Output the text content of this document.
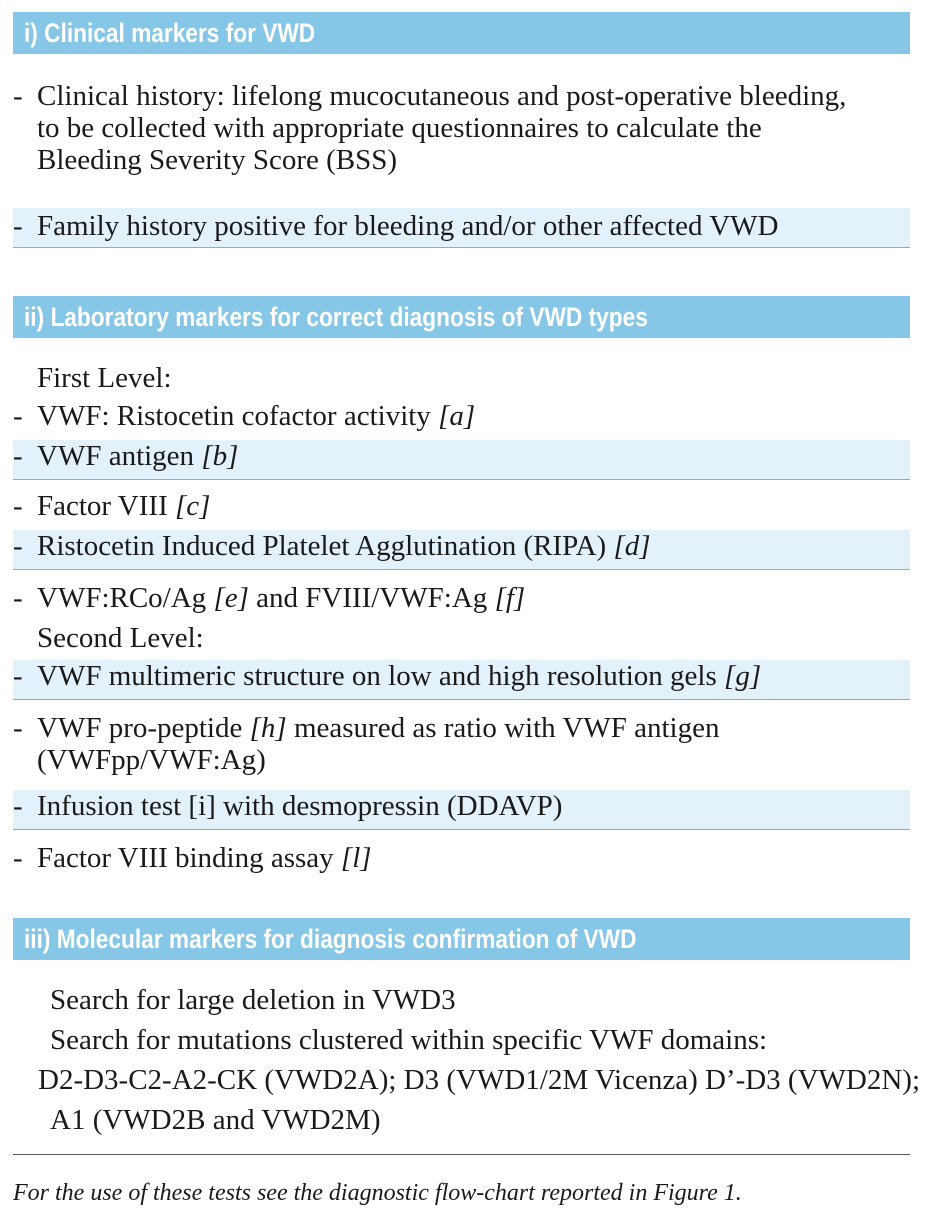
i) Clinical markers for VWD
- Clinical history: lifelong mucocutaneous and post-operative bleeding,
to be collected with appropriate questionnaires to calculate the
Bleeding Severity Score (BSS)
- Family history positive for bleeding and/or other affected VWD
ii) Laboratory markers for correct diagnosis of VWD types
First Level:
- VWF: Ristocetin cofactor activity [a]
- VWF antigen [b]
- Factor VIII [c]
- Ristocetin Induced Platelet Agglutination (RIPA) [d]
- VWF:RCo/Ag [e] and FVIII/VWF:Ag [f]
Second Level:
- VWF multimeric structure on low and high resolution gels [g]
- VWF pro-peptide [h] measured as ratio with VWF antigen
(VWFpp/VWF:Ag)
- Infusion test [i] with desmopressin (DDAVP)
- Factor VIII binding assay [l]
iii) Molecular markers for diagnosis confirmation of VWD
Search for large deletion in VWD3
Search for mutations clustered within specific VWF domains:
D2-D3-C2-A2-CK (VWD2A); D3 (VWD1/2M Vicenza) D’-D3 (VWD2N);
A1 (VWD2B and VWD2M)
For the use of these tests see the diagnostic flow-chart reported in Figure 1.
